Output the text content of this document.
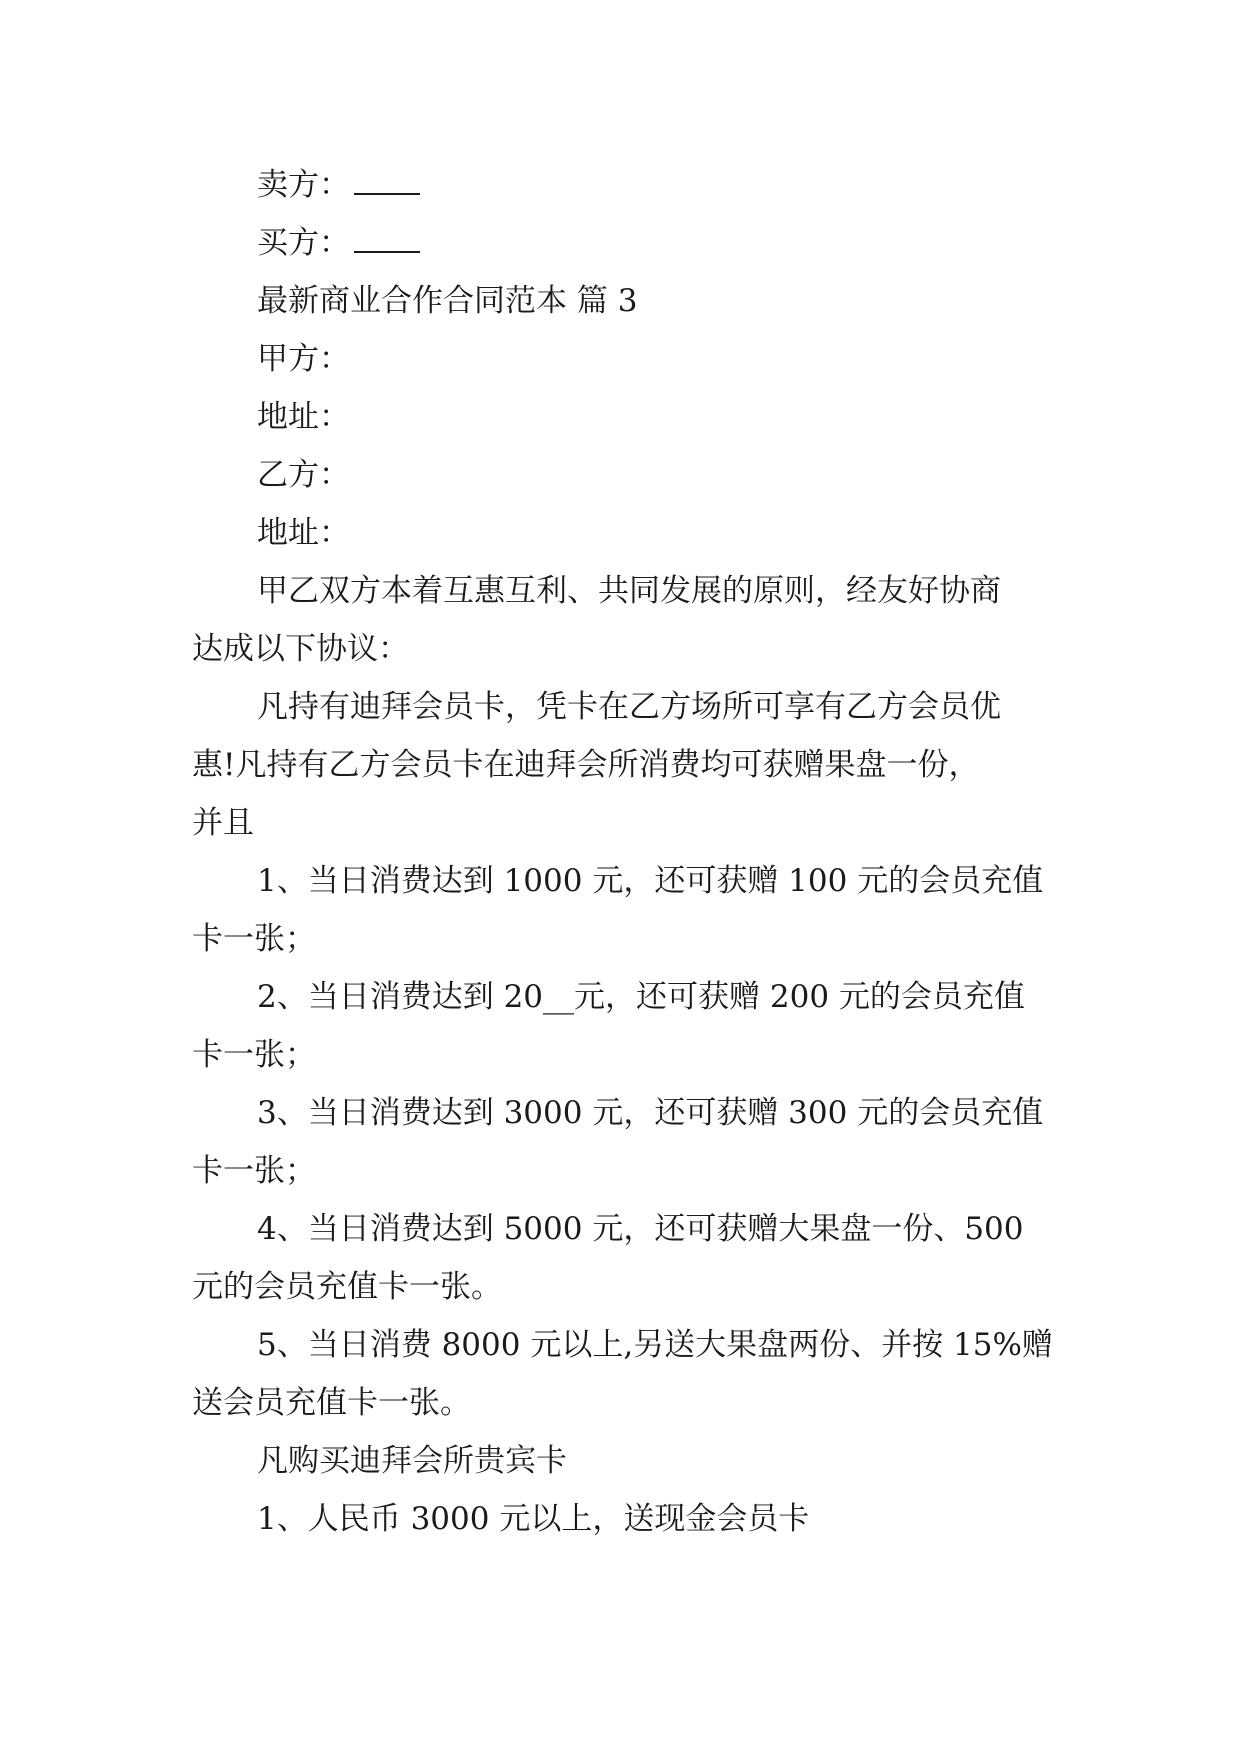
卖方：
买方：
最新商业合作合同范本 篇 3
甲方：
地址：
乙方：
地址：
甲乙双方本着互惠互利、共同发展的原则，经友好协商
达成以下协议：
凡持有迪拜会员卡，凭卡在乙方场所可享有乙方会员优
惠!凡持有乙方会员卡在迪拜会所消费均可获赠果盘一份，
并且
1、当日消费达到 1000 元，还可获赠 100 元的会员充值
卡一张；
2、当日消费达到 20__元，还可获赠 200 元的会员充值
卡一张；
3、当日消费达到 3000 元，还可获赠 300 元的会员充值
卡一张；
4、当日消费达到 5000 元，还可获赠大果盘一份、500
元的会员充值卡一张。
5、当日消费 8000 元以上,另送大果盘两份、并按 15%赠
送会员充值卡一张。
凡购买迪拜会所贵宾卡
1、人民币 3000 元以上，送现金会员卡
